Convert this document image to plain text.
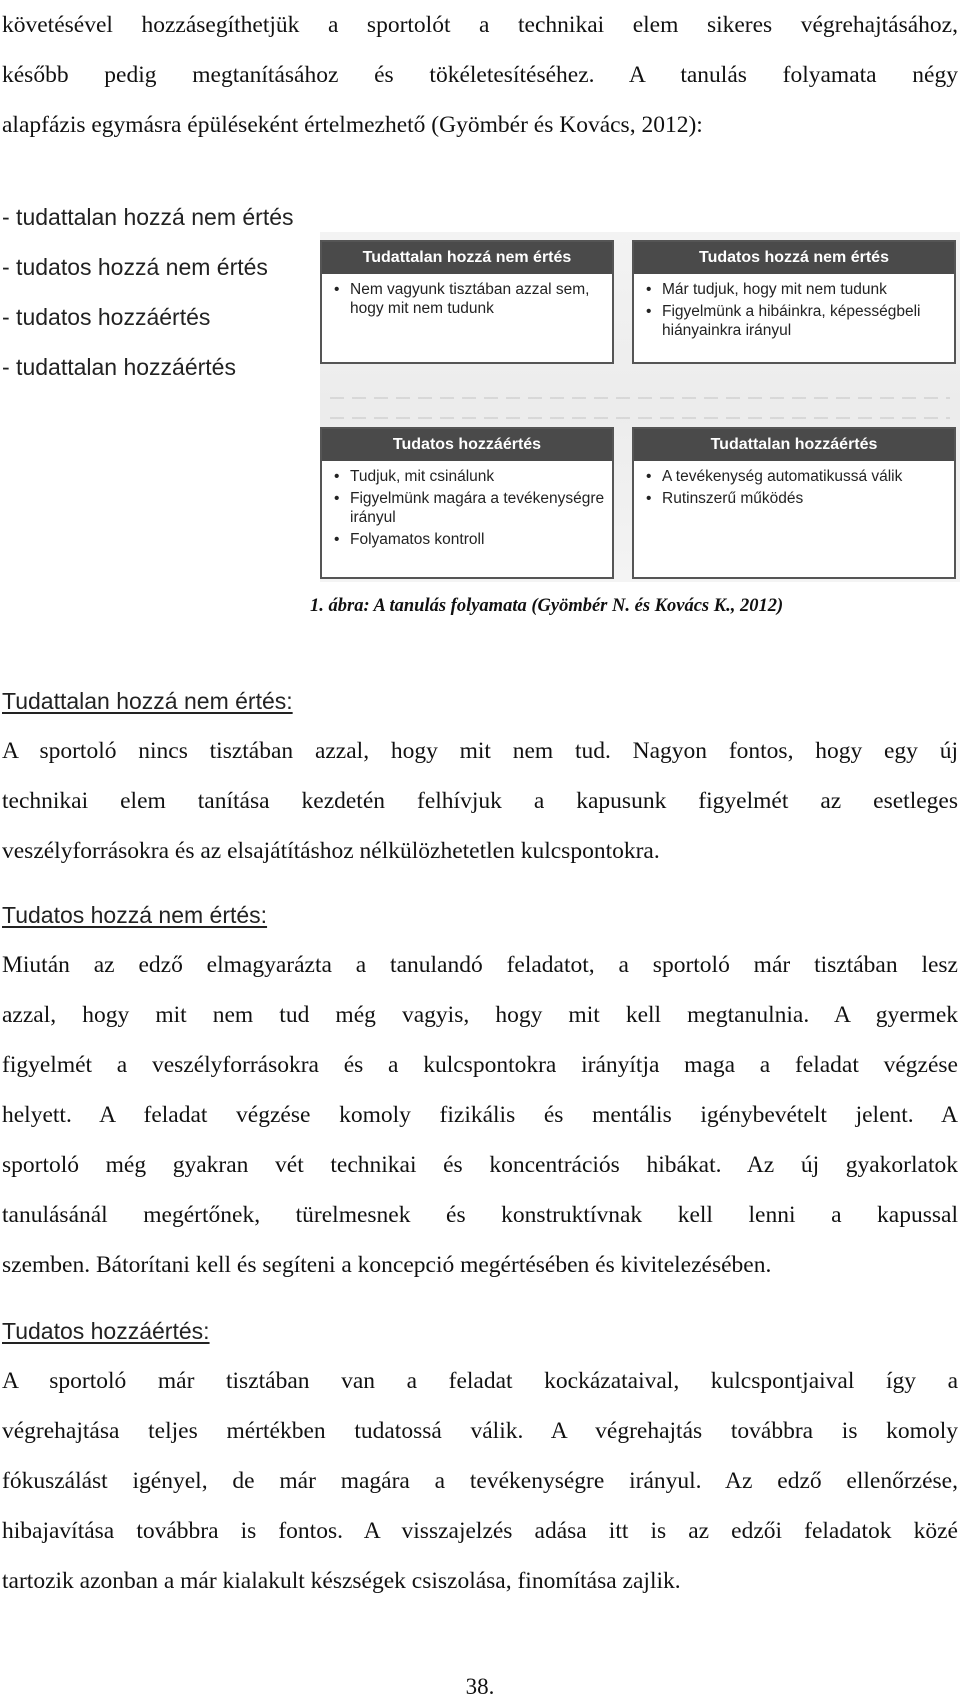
követésével hozzásegíthetjük a sportolót a technikai elem sikeres végrehajtásához,
később pedig megtanításához és tökéletesítéséhez. A tanulás folyamata négy
alapfázis egymásra épüléseként értelmezhető (Gyömbér és Kovács, 2012):

- tudattalan hozzá nem értés
- tudatos hozzá nem értés
- tudatos hozzáértés
- tudattalan hozzáértés
Tudattalan hozzá nem értés
• Nem vagyunk tisztában azzal sem, hogy mit nem tudunk
Tudatos hozzá nem értés
• Már tudjuk, hogy mit nem tudunk
• Figyelmünk a hibáinkra, képességbeli hiányainkra irányul
Tudatos hozzáértés
• Tudjuk, mit csinálunk
• Figyelmünk magára a tevékenységre irányul
• Folyamatos kontroll
Tudattalan hozzáértés
• A tevékenység automatikussá válik
• Rutinszerű működés
1. ábra: A tanulás folyamata (Gyömbér N. és Kovács K., 2012)
Tudattalan hozzá nem értés:

A sportoló nincs tisztában azzal, hogy mit nem tud. Nagyon fontos, hogy egy új
technikai elem tanítása kezdetén felhívjuk a kapusunk figyelmét az esetleges
veszélyforrásokra és az elsajátításhoz nélkülözhetetlen kulcspontokra.

Tudatos hozzá nem értés:

Miután az edző elmagyarázta a tanulandó feladatot, a sportoló már tisztában lesz
azzal, hogy mit nem tud még vagyis, hogy mit kell megtanulnia. A gyermek
figyelmét a veszélyforrásokra és a kulcspontokra irányítja maga a feladat végzése
helyett. A feladat végzése komoly fizikális és mentális igénybevételt jelent. A
sportoló még gyakran vét technikai és koncentrációs hibákat. Az új gyakorlatok
tanulásánál megértőnek, türelmesnek és konstruktívnak kell lenni a kapussal
szemben. Bátorítani kell és segíteni a koncepció megértésében és kivitelezésében.

Tudatos hozzáértés:

A sportoló már tisztában van a feladat kockázataival, kulcspontjaival így a
végrehajtása teljes mértékben tudatossá válik. A végrehajtás továbbra is komoly
fókuszálást igényel, de már magára a tevékenységre irányul. Az edző ellenőrzése,
hibajavítása továbbra is fontos. A visszajelzés adása itt is az edzői feladatok közé
tartozik azonban a már kialakult készségek csiszolása, finomítása zajlik.

38.
